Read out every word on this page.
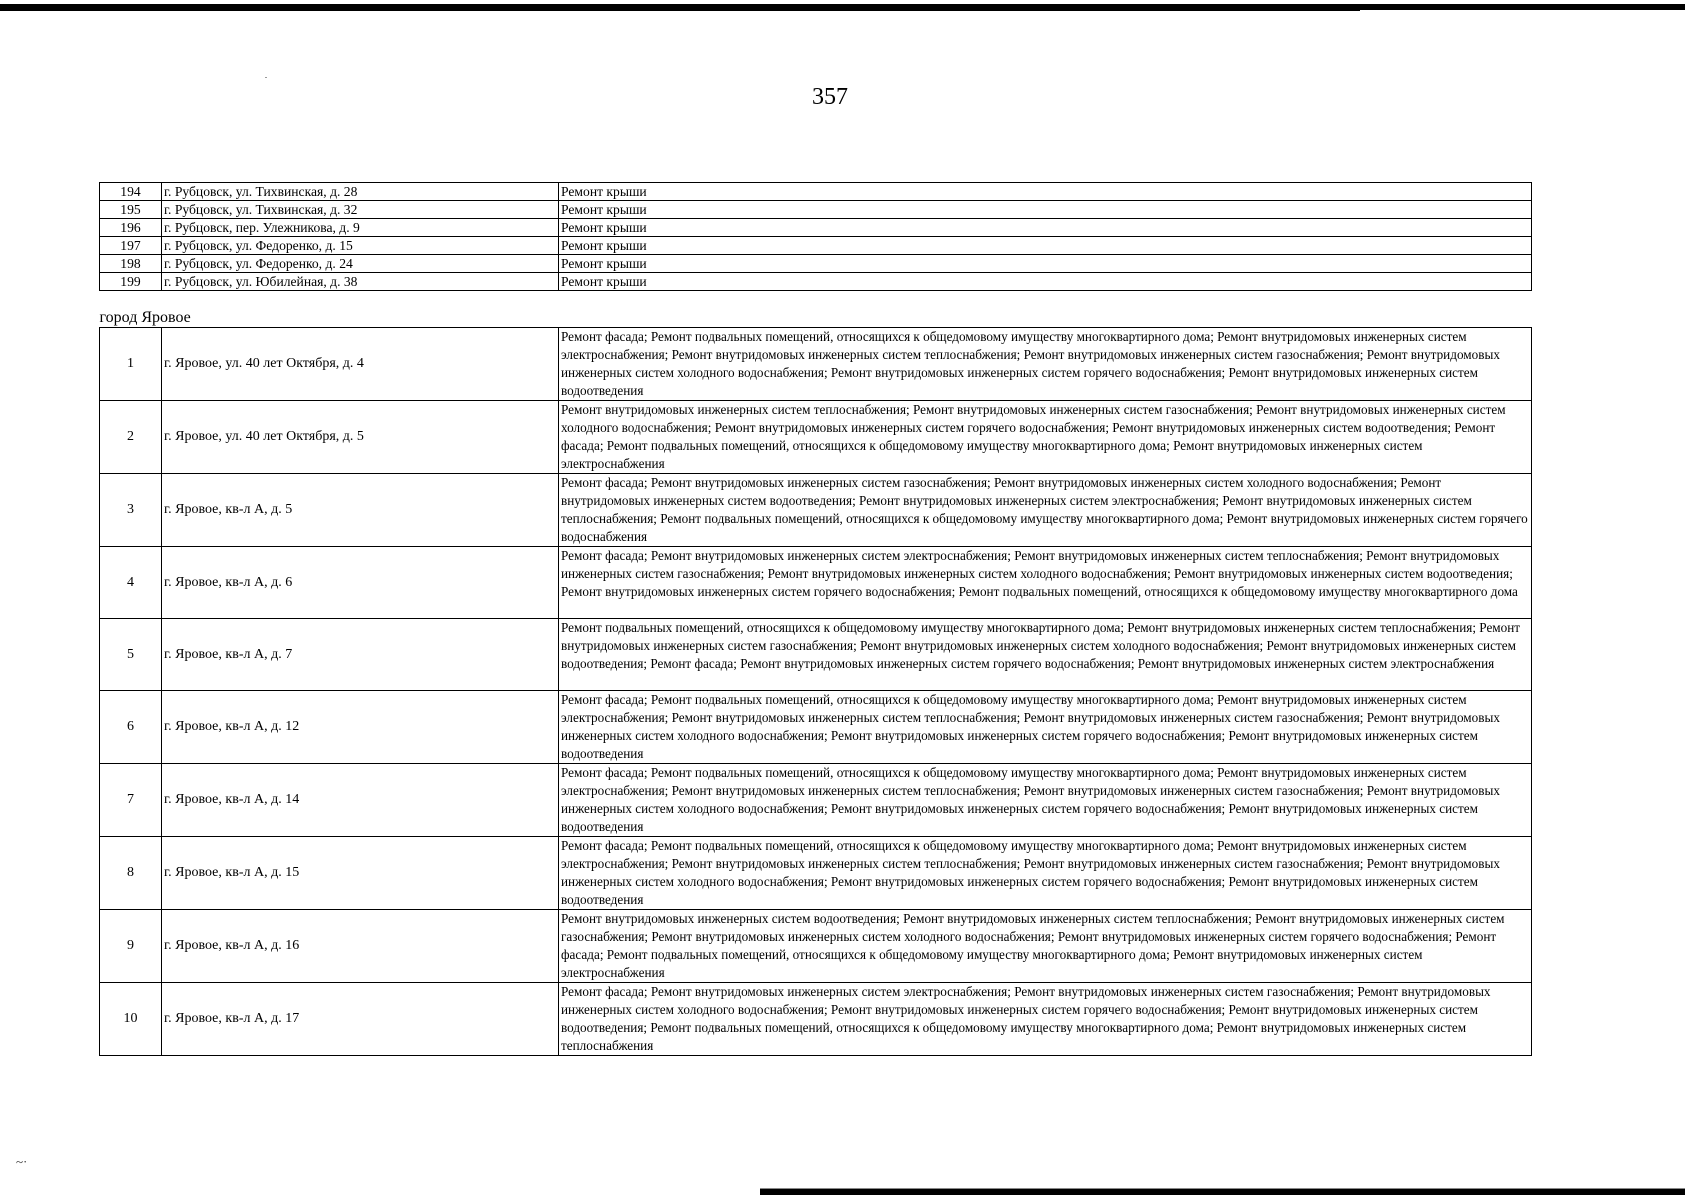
357
194	г. Рубцовск, ул. Тихвинская, д. 28	Ремонт крыши
195	г. Рубцовск, ул. Тихвинская, д. 32	Ремонт крыши
196	г. Рубцовск, пер. Улежникова, д. 9	Ремонт крыши
197	г. Рубцовск, ул. Федоренко, д. 15	Ремонт крыши
198	г. Рубцовск, ул. Федоренко, д. 24	Ремонт крыши
199	г. Рубцовск, ул. Юбилейная, д. 38	Ремонт крыши
город Яровое		
1	г. Яровое, ул. 40 лет Октября, д. 4	Ремонт фасада; Ремонт подвальных помещений, относящихся к общедомовому имуществу многоквартирного дома; Ремонт внутридомовых инженерных систем электроснабжения; Ремонт внутридомовых инженерных систем теплоснабжения; Ремонт внутридомовых инженерных систем газоснабжения; Ремонт внутридомовых инженерных систем холодного водоснабжения; Ремонт внутридомовых инженерных систем горячего водоснабжения; Ремонт внутридомовых инженерных систем водоотведения
2	г. Яровое, ул. 40 лет Октября, д. 5	Ремонт внутридомовых инженерных систем теплоснабжения; Ремонт внутридомовых инженерных систем газоснабжения; Ремонт внутридомовых инженерных систем холодного водоснабжения; Ремонт внутридомовых инженерных систем горячего водоснабжения; Ремонт внутридомовых инженерных систем водоотведения; Ремонт фасада; Ремонт подвальных помещений, относящихся к общедомовому имуществу многоквартирного дома; Ремонт внутридомовых инженерных систем электроснабжения
3	г. Яровое, кв-л А, д. 5	Ремонт фасада; Ремонт внутридомовых инженерных систем газоснабжения; Ремонт внутридомовых инженерных систем холодного водоснабжения; Ремонт внутридомовых инженерных систем водоотведения; Ремонт внутридомовых инженерных систем электроснабжения; Ремонт внутридомовых инженерных систем теплоснабжения; Ремонт подвальных помещений, относящихся к общедомовому имуществу многоквартирного дома; Ремонт внутридомовых инженерных систем горячего водоснабжения
4	г. Яровое, кв-л А, д. 6	Ремонт фасада; Ремонт внутридомовых инженерных систем электроснабжения; Ремонт внутридомовых инженерных систем теплоснабжения; Ремонт внутридомовых инженерных систем газоснабжения; Ремонт внутридомовых инженерных систем холодного водоснабжения; Ремонт внутридомовых инженерных систем водоотведения; Ремонт внутридомовых инженерных систем горячего водоснабжения; Ремонт подвальных помещений, относящихся к общедомовому имуществу многоквартирного дома
5	г. Яровое, кв-л А, д. 7	Ремонт подвальных помещений, относящихся к общедомовому имуществу многоквартирного дома; Ремонт внутридомовых инженерных систем теплоснабжения; Ремонт внутридомовых инженерных систем газоснабжения; Ремонт внутридомовых инженерных систем холодного водоснабжения; Ремонт внутридомовых инженерных систем водоотведения; Ремонт фасада; Ремонт внутридомовых инженерных систем горячего водоснабжения; Ремонт внутридомовых инженерных систем электроснабжения
6	г. Яровое, кв-л А, д. 12	Ремонт фасада; Ремонт подвальных помещений, относящихся к общедомовому имуществу многоквартирного дома; Ремонт внутридомовых инженерных систем электроснабжения; Ремонт внутридомовых инженерных систем теплоснабжения; Ремонт внутридомовых инженерных систем газоснабжения; Ремонт внутридомовых инженерных систем холодного водоснабжения; Ремонт внутридомовых инженерных систем горячего водоснабжения; Ремонт внутридомовых инженерных систем водоотведения
7	г. Яровое, кв-л А, д. 14	Ремонт фасада; Ремонт подвальных помещений, относящихся к общедомовому имуществу многоквартирного дома; Ремонт внутридомовых инженерных систем электроснабжения; Ремонт внутридомовых инженерных систем теплоснабжения; Ремонт внутридомовых инженерных систем газоснабжения; Ремонт внутридомовых инженерных систем холодного водоснабжения; Ремонт внутридомовых инженерных систем горячего водоснабжения; Ремонт внутридомовых инженерных систем водоотведения
8	г. Яровое, кв-л А, д. 15	Ремонт фасада; Ремонт подвальных помещений, относящихся к общедомовому имуществу многоквартирного дома; Ремонт внутридомовых инженерных систем электроснабжения; Ремонт внутридомовых инженерных систем теплоснабжения; Ремонт внутридомовых инженерных систем газоснабжения; Ремонт внутридомовых инженерных систем холодного водоснабжения; Ремонт внутридомовых инженерных систем горячего водоснабжения; Ремонт внутридомовых инженерных систем водоотведения
9	г. Яровое, кв-л А, д. 16	Ремонт внутридомовых инженерных систем водоотведения; Ремонт внутридомовых инженерных систем теплоснабжения; Ремонт внутридомовых инженерных систем газоснабжения; Ремонт внутридомовых инженерных систем холодного водоснабжения; Ремонт внутридомовых инженерных систем горячего водоснабжения; Ремонт фасада; Ремонт подвальных помещений, относящихся к общедомовому имуществу многоквартирного дома; Ремонт внутридомовых инженерных систем электроснабжения
10	г. Яровое, кв-л А, д. 17	Ремонт фасада; Ремонт внутридомовых инженерных систем электроснабжения; Ремонт внутридомовых инженерных систем газоснабжения; Ремонт внутридомовых инженерных систем холодного водоснабжения; Ремонт внутридомовых инженерных систем горячего водоснабжения; Ремонт внутридомовых инженерных систем водоотведения; Ремонт подвальных помещений, относящихся к общедомовому имуществу многоквартирного дома; Ремонт внутридомовых инженерных систем теплоснабжения
~·
